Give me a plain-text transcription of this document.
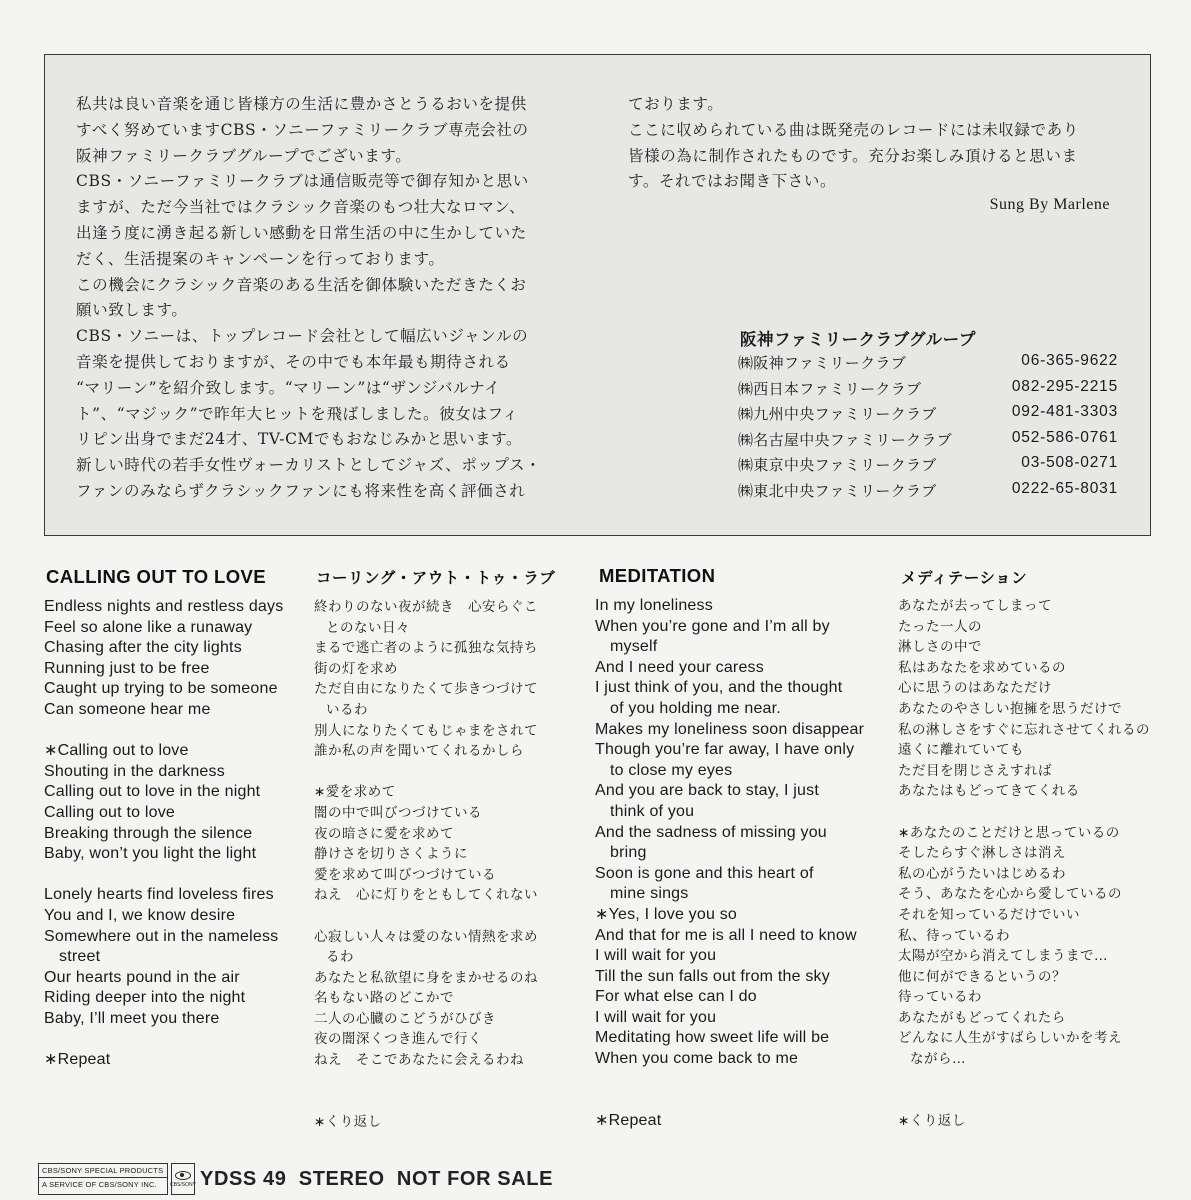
私共は良い音楽を通じ皆様方の生活に豊かさとうるおいを提供

すべく努めていますCBS・ソニーファミリークラブ専売会社の

阪神ファミリークラブグループでございます。

CBS・ソニーファミリークラブは通信販売等で御存知かと思い

ますが、ただ今当社ではクラシック音楽のもつ壮大なロマン、

出逢う度に湧き起る新しい感動を日常生活の中に生かしていた

だく、生活提案のキャンペーンを行っております。

この機会にクラシック音楽のある生活を御体験いただきたくお

願い致します。

CBS・ソニーは、トップレコード会社として幅広いジャンルの

音楽を提供しておりますが、その中でも本年最も期待される

“マリーン”を紹介致します。“マリーン”は“ザンジバルナイ

ト”、“マジック”で昨年大ヒットを飛ばしました。彼女はフィ

リピン出身でまだ24才、TV-CMでもおなじみかと思います。

新しい時代の若手女性ヴォーカリストとしてジャズ、ポップス・

ファンのみならずクラシックファンにも将来性を高く評価され

ております。

ここに収められている曲は既発売のレコードには未収録であり

皆様の為に制作されたものです。充分お楽しみ頂けると思いま

す。それではお聞き下さい。

Sung By Marlene
阪神ファミリークラブグループ
㈱阪神ファミリークラブ	06-365-9622
㈱西日本ファミリークラブ	082-295-2215
㈱九州中央ファミリークラブ	092-481-3303
㈱名古屋中央ファミリークラブ	052-586-0761
㈱東京中央ファミリークラブ	03-508-0271
㈱東北中央ファミリークラブ	0222-65-8031
CALLING OUT TO LOVE	コーリング・アウト・トゥ・ラブ
Endless nights and restless days
Feel so alone like a runaway
Chasing after the city lights
Running just to be free
Caught up trying to be someone
Can someone hear me
∗Calling out to love
Shouting in the darkness
Calling out to love in the night
Calling out to love
Breaking through the silence
Baby, won’t you light the light
Lonely hearts find loveless fires
You and I, we know desire
Somewhere out in the nameless
street
Our hearts pound in the air
Riding deeper into the night
Baby, I’ll meet you there
∗Repeat
終わりのない夜が続き　心安らぐこ
とのない日々
まるで逃亡者のように孤独な気持ち
街の灯を求め
ただ自由になりたくて歩きつづけて
いるわ
別人になりたくてもじゃまをされて
誰か私の声を聞いてくれるかしら
∗愛を求めて
闇の中で叫びつづけている
夜の暗さに愛を求めて
静けさを切りさくように
愛を求めて叫びつづけている
ねえ　心に灯りをともしてくれない
心寂しい人々は愛のない情熱を求め
るわ
あなたと私欲望に身をまかせるのね
名もない路のどこかで
二人の心臓のこどうがひびき
夜の闇深くつき進んで行く
ねえ　そこであなたに会えるわね
∗くり返し
MEDITATION	メディテーション
In my loneliness
When you’re gone and I’m all by
myself
And I need your caress
I just think of you, and the thought
of you holding me near.
Makes my loneliness soon disappear
Though you’re far away, I have only
to close my eyes
And you are back to stay, I just
think of you
And the sadness of missing you
bring
Soon is gone and this heart of
mine sings
∗Yes, I love you so
And that for me is all I need to know
I will wait for you
Till the sun falls out from the sky
For what else can I do
I will wait for you
Meditating how sweet life will be
When you come back to me
∗Repeat
あなたが去ってしまって
たった一人の
淋しさの中で
私はあなたを求めているの
心に思うのはあなただけ
あなたのやさしい抱擁を思うだけで
私の淋しさをすぐに忘れさせてくれるの
遠くに離れていても
ただ目を閉じさえすれば
あなたはもどってきてくれる
∗あなたのことだけと思っているの
そしたらすぐ淋しさは消え
私の心がうたいはじめるわ
そう、あなたを心から愛しているの
それを知っているだけでいい
私、待っているわ
太陽が空から消えてしまうまで…
他に何ができるというの？
待っているわ
あなたがもどってくれたら
どんなに人生がすばらしいかを考え
ながら…
∗くり返し
CBS/SONY SPECIAL PRODUCTS
A SERVICE OF CBS/SONY INC.	CBS/SONY YDSS 49  STEREO  NOT FOR SALE
